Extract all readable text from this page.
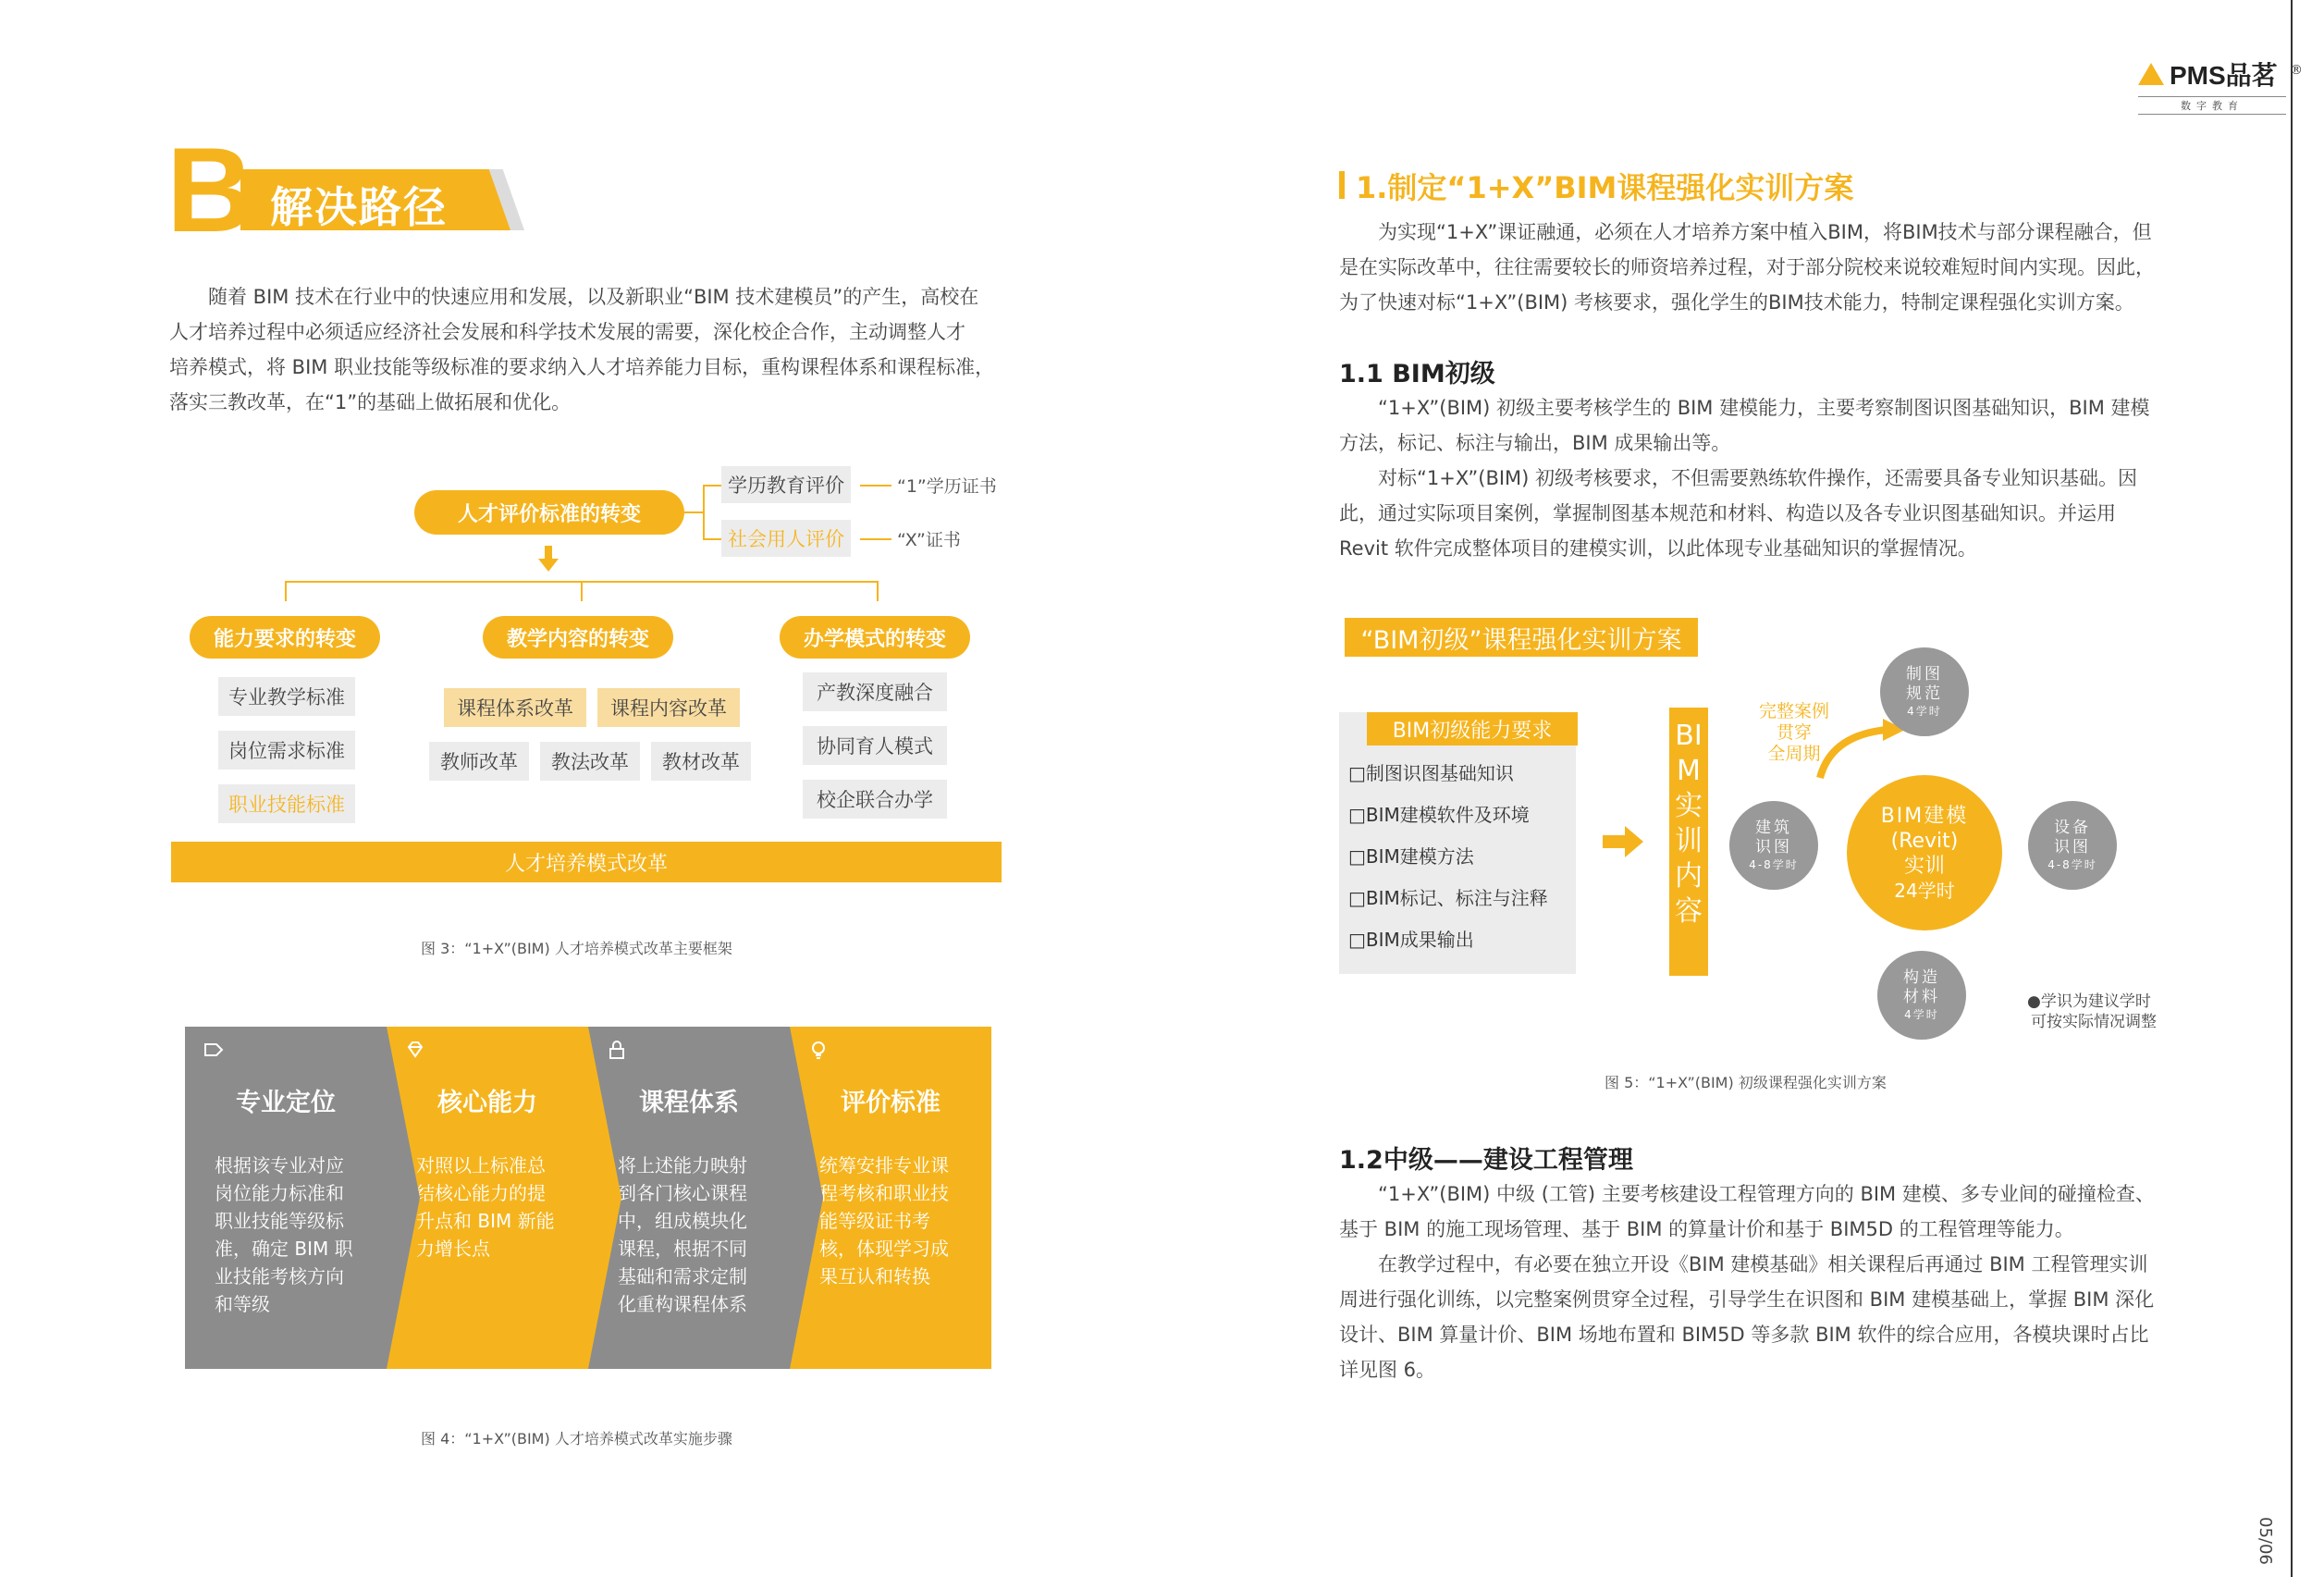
05/06
PMS品茗
数字教育
®
B 解决路径
随着 BIM 技术在行业中的快速应用和发展，以及新职业“BIM 技术建模员”的产生，高校在
人才培养过程中必须适应经济社会发展和科学技术发展的需要，深化校企合作，主动调整人才
培养模式，将 BIM 职业技能等级标准的要求纳入人才培养能力目标，重构课程体系和课程标准，
落实三教改革，在“1”的基础上做拓展和优化。
人才评价标准的转变
学历教育评价
社会用人评价
“1”学历证书
“X”证书
能力要求的转变
专业教学标准
岗位需求标准
职业技能标准
教学内容的转变
课程体系改革	课程内容改革
教师改革	教法改革	教材改革
办学模式的转变
产教深度融合
协同育人模式
校企联合办学
人才培养模式改革
图 3：“1+X”(BIM) 人才培养模式改革主要框架
专业定位
根据该专业对应岗位能力标准和职业技能等级标准，确定 BIM 职业技能考核方向和等级
核心能力
对照以上标准总结核心能力的提升点和 BIM 新能力增长点
课程体系
将上述能力映射到各门核心课程中，组成模块化课程，根据不同基础和需求定制化重构课程体系
评价标准
统筹安排专业课程考核和职业技能等级证书考核，体现学习成果互认和转换
图 4：“1+X”(BIM) 人才培养模式改革实施步骤
1.制定“1+X”BIM课程强化实训方案
为实现“1+X”课证融通，必须在人才培养方案中植入BIM，将BIM技术与部分课程融合，但
是在实际改革中，往往需要较长的师资培养过程，对于部分院校来说较难短时间内实现。因此，
为了快速对标“1+X”(BIM) 考核要求，强化学生的BIM技术能力，特制定课程强化实训方案。
1.1 BIM初级
“1+X”(BIM) 初级主要考核学生的 BIM 建模能力，主要考察制图识图基础知识，BIM 建模
方法，标记、标注与输出，BIM 成果输出等。
对标“1+X”(BIM) 初级考核要求，不但需要熟练软件操作，还需要具备专业知识基础。因
此，通过实际项目案例，掌握制图基本规范和材料、构造以及各专业识图基础知识。并运用
Revit 软件完成整体项目的建模实训，以此体现专业基础知识的掌握情况。
“BIM初级”课程强化实训方案
BIM初级能力要求
□制图识图基础知识
□BIM建模软件及环境
□BIM建模方法
□BIM标记、标注与注释
□BIM成果输出
BIM实训内容
BIM建模
(Revit)
实训
24学时
完整案例
贯穿
全周期
制图
规范
4学时
建筑
识图
4-8学时
设备
识图
4-8学时
构造
材料
4学时
●学识为建议学时
可按实际情况调整
图 5：“1+X”(BIM) 初级课程强化实训方案
1.2中级——建设工程管理
“1+X”(BIM) 中级 (工管) 主要考核建设工程管理方向的 BIM 建模、多专业间的碰撞检查、
基于 BIM 的施工现场管理、基于 BIM 的算量计价和基于 BIM5D 的工程管理等能力。
在教学过程中，有必要在独立开设《BIM 建模基础》相关课程后再通过 BIM 工程管理实训
周进行强化训练，以完整案例贯穿全过程，引导学生在识图和 BIM 建模基础上，掌握 BIM 深化
设计、BIM 算量计价、BIM 场地布置和 BIM5D 等多款 BIM 软件的综合应用，各模块课时占比
详见图 6。
